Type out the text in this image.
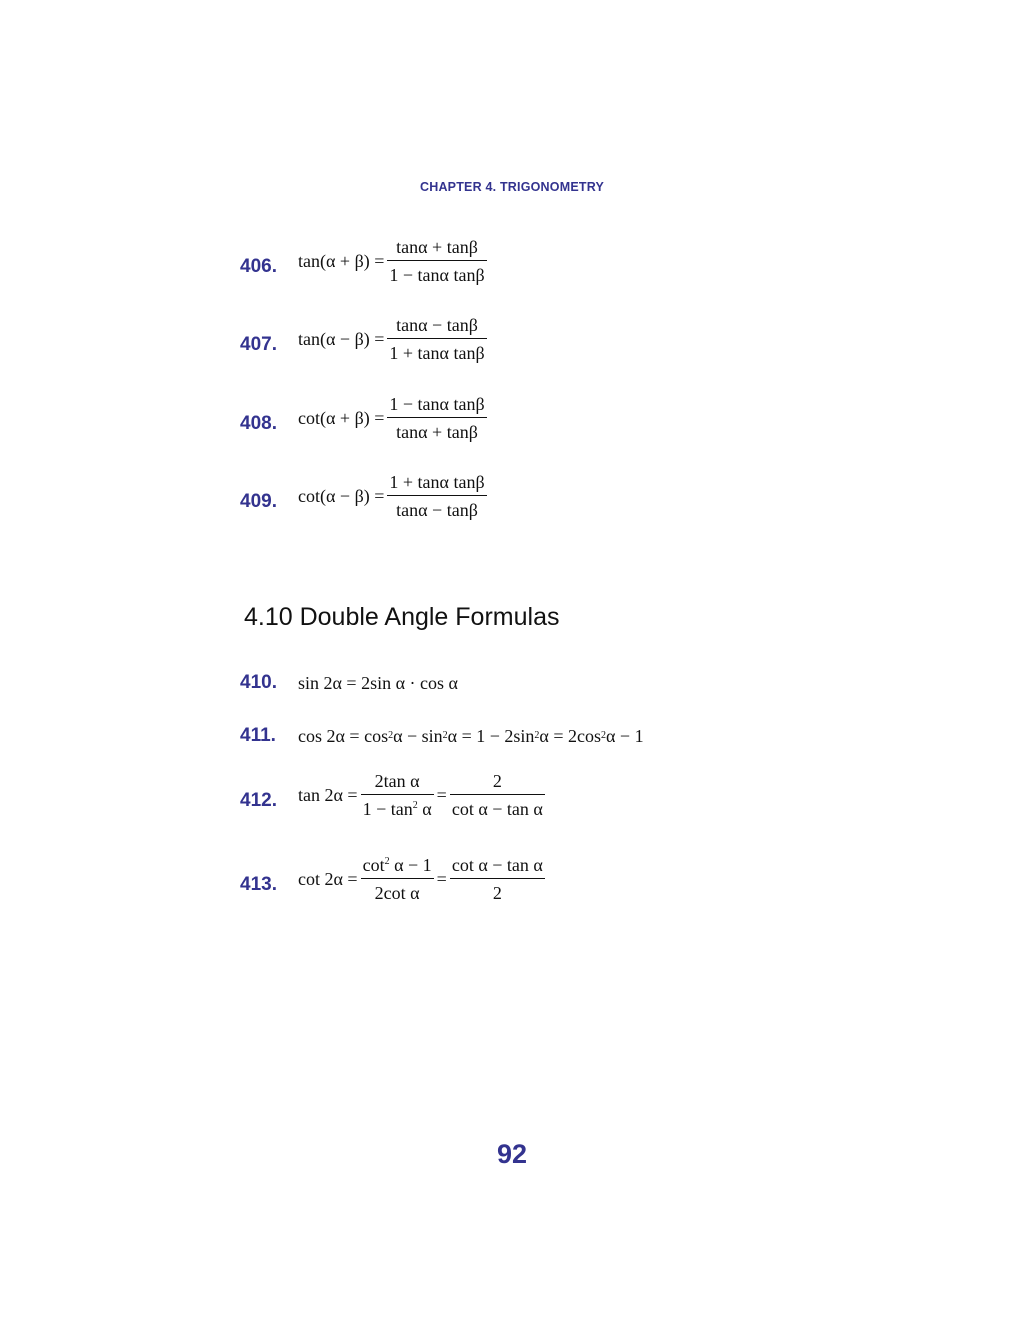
CHAPTER 4. TRIGONOMETRY
406. $\tan(\alpha + \beta) = \frac{\tan\alpha + \tan\beta}{\text{1 − tanα tanβ}}$
407. $\tan(\alpha - \beta) = \frac{\tan\alpha - \tan\beta}{\text{1 + tanα tanβ}}$
408. $\cot(\alpha + \beta) = \frac{\text{1 − tanα tanβ}}{\tan\alpha + \tan\beta}$
409. $\cot(\alpha - \beta) = \frac{\text{1 + tanα tanβ}}{\tan\alpha - \tan\beta}$
4.10 Double Angle Formulas
410. sin 2α = 2sin α · cos α
411. cos 2α = cos 2 α − sin 2 α = 1 − 2sin 2 α = 2cos 2 α − 1
412. $\tan 2\alpha = \frac{\text{2tan α}}{1 - \tan^2 \alpha} = \frac{2}{\text{cot α − tan α}}$
413. $\cot 2\alpha = \frac{\cot^2 \alpha - 1}{\text{2cot α}} = \frac{\text{cot α − tan α}}{2}$
92
